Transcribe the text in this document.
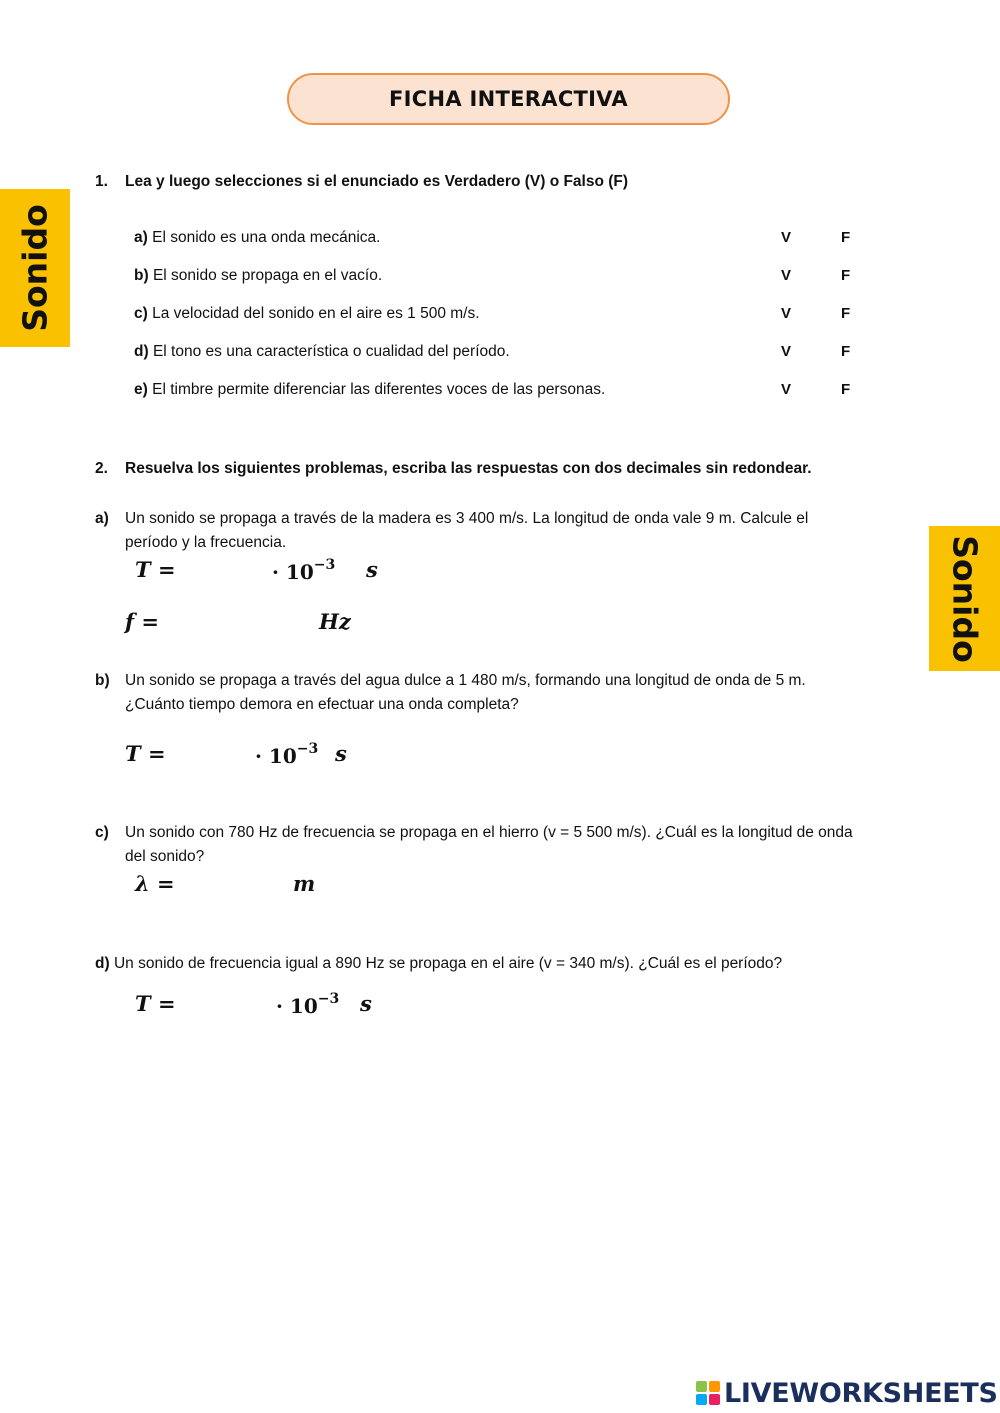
FICHA INTERACTIVA
Sonido
Sonido
1. Lea y luego selecciones si el enunciado es Verdadero (V) o Falso (F)
a) El sonido es una onda mecánica.	V	F
b) El sonido se propaga en el vacío.	V	F
c) La velocidad del sonido en el aire es 1 500 m/s.	V	F
d) El tono es una característica o cualidad del período.	V	F
e) El timbre permite diferenciar las diferentes voces de las personas.	V	F
2. Resuelva los siguientes problemas, escriba las respuestas con dos decimales sin redondear.
a) Un sonido se propaga a través de la madera es 3 400 m/s. La longitud de onda vale 9 m. Calcule el
período y la frecuencia.
T =	· $10^{-3}$ s
f =	Hz
b) Un sonido se propaga a través del agua dulce a 1 480 m/s, formando una longitud de onda de 5 m.
¿Cuánto tiempo demora en efectuar una onda completa?
T =	· $10^{-3}$ s
c) Un sonido con 780 Hz de frecuencia se propaga en el hierro (v = 5 500 m/s). ¿Cuál es la longitud de onda
del sonido?
λ =	m
d) Un sonido de frecuencia igual a 890 Hz se propaga en el aire (v = 340 m/s). ¿Cuál es el período?
T =	· $10^{-3}$ s
LIVEWORKSHEETS
